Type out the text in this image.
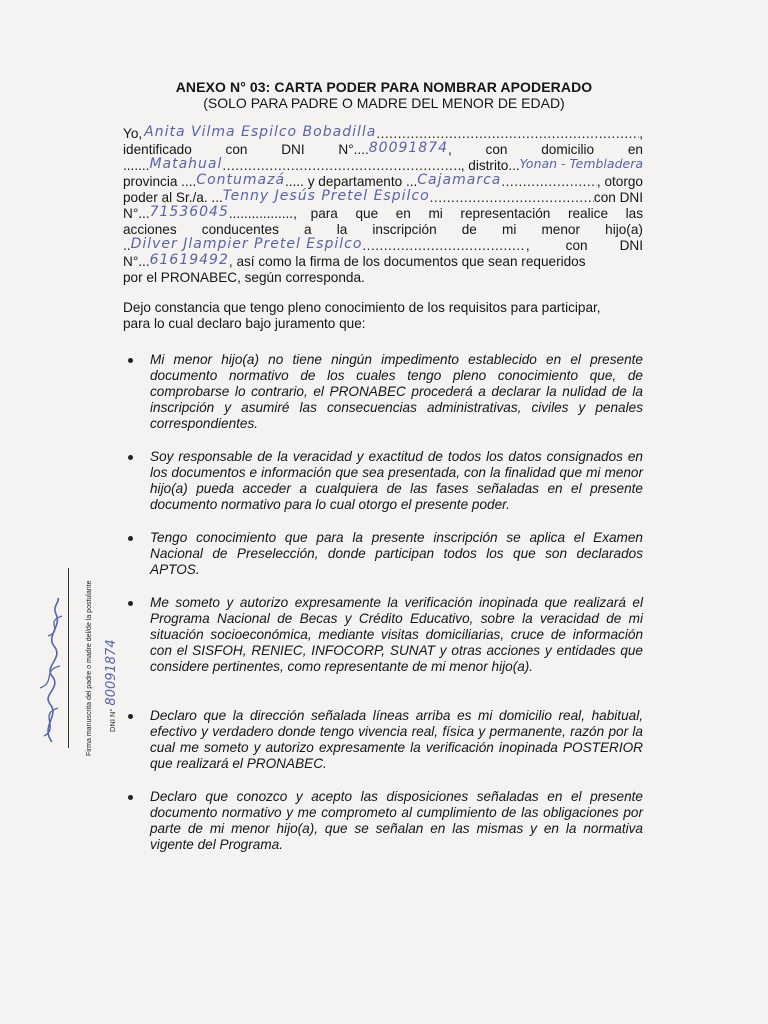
ANEXO N° 03: CARTA PODER PARA NOMBRAR APODERADO
(SOLO PARA PADRE O MADRE DEL MENOR DE EDAD)
Yo, Anita Vilma Espilco Bobadilla .....	,
identificado con DNI N° .... 80091874 , con domicilio en
....... Matahual .....	, distrito ... Yonan - Tembladera
provincia .... Contumazá ..... y departamento ... Cajamarca .....	, otorgo
poder al Sr./a. ... Tenny Jesús Pretel Espilco .....	con DNI
N° ... 71536045 ................., para que en mi representación realice las
acciones conducentes a la inscripción de mi menor hijo(a)
.. Dilver Jlampier Pretel Espilco .....	,	con DNI
N° ... 61619492 , así como la firma de los documentos que sean requeridos
por el PRONABEC, según corresponda.
Dejo constancia que tengo pleno conocimiento de los requisitos para participar,
para lo cual declaro bajo juramento que:
Mi menor hijo(a) no tiene ningún impedimento establecido en el presente documento normativo de los cuales tengo pleno conocimiento que, de comprobarse lo contrario, el PRONABEC procederá a declarar la nulidad de la inscripción y asumiré las consecuencias administrativas, civiles y penales correspondientes.
Soy responsable de la veracidad y exactitud de todos los datos consignados en los documentos e información que sea presentada, con la finalidad que mi menor hijo(a) pueda acceder a cualquiera de las fases señaladas en el presente documento normativo para lo cual otorgo el presente poder.
Tengo conocimiento que para la presente inscripción se aplica el Examen Nacional de Preselección, donde participan todos los que son declarados APTOS.
Me someto y autorizo expresamente la verificación inopinada que realizará el Programa Nacional de Becas y Crédito Educativo, sobre la veracidad de mi situación socioeconómica, mediante visitas domiciliarias, cruce de información con el SISFOH, RENIEC, INFOCORP, SUNAT y otras acciones y entidades que considere pertinentes, como representante de mi menor hijo(a).
Declaro que la dirección señalada líneas arriba es mi domicilio real, habitual, efectivo y verdadero donde tengo vivencia real, física y permanente, razón por la cual me someto y autorizo expresamente la verificación inopinada POSTERIOR que realizará el PRONABEC.
Declaro que conozco y acepto las disposiciones señaladas en el presente documento normativo y me comprometo al cumplimiento de las obligaciones por parte de mi menor hijo(a), que se señalan en las mismas y en la normativa vigente del Programa.
Firma manuscrita del padre o madre del/de la postulante	DNI N°80091874
